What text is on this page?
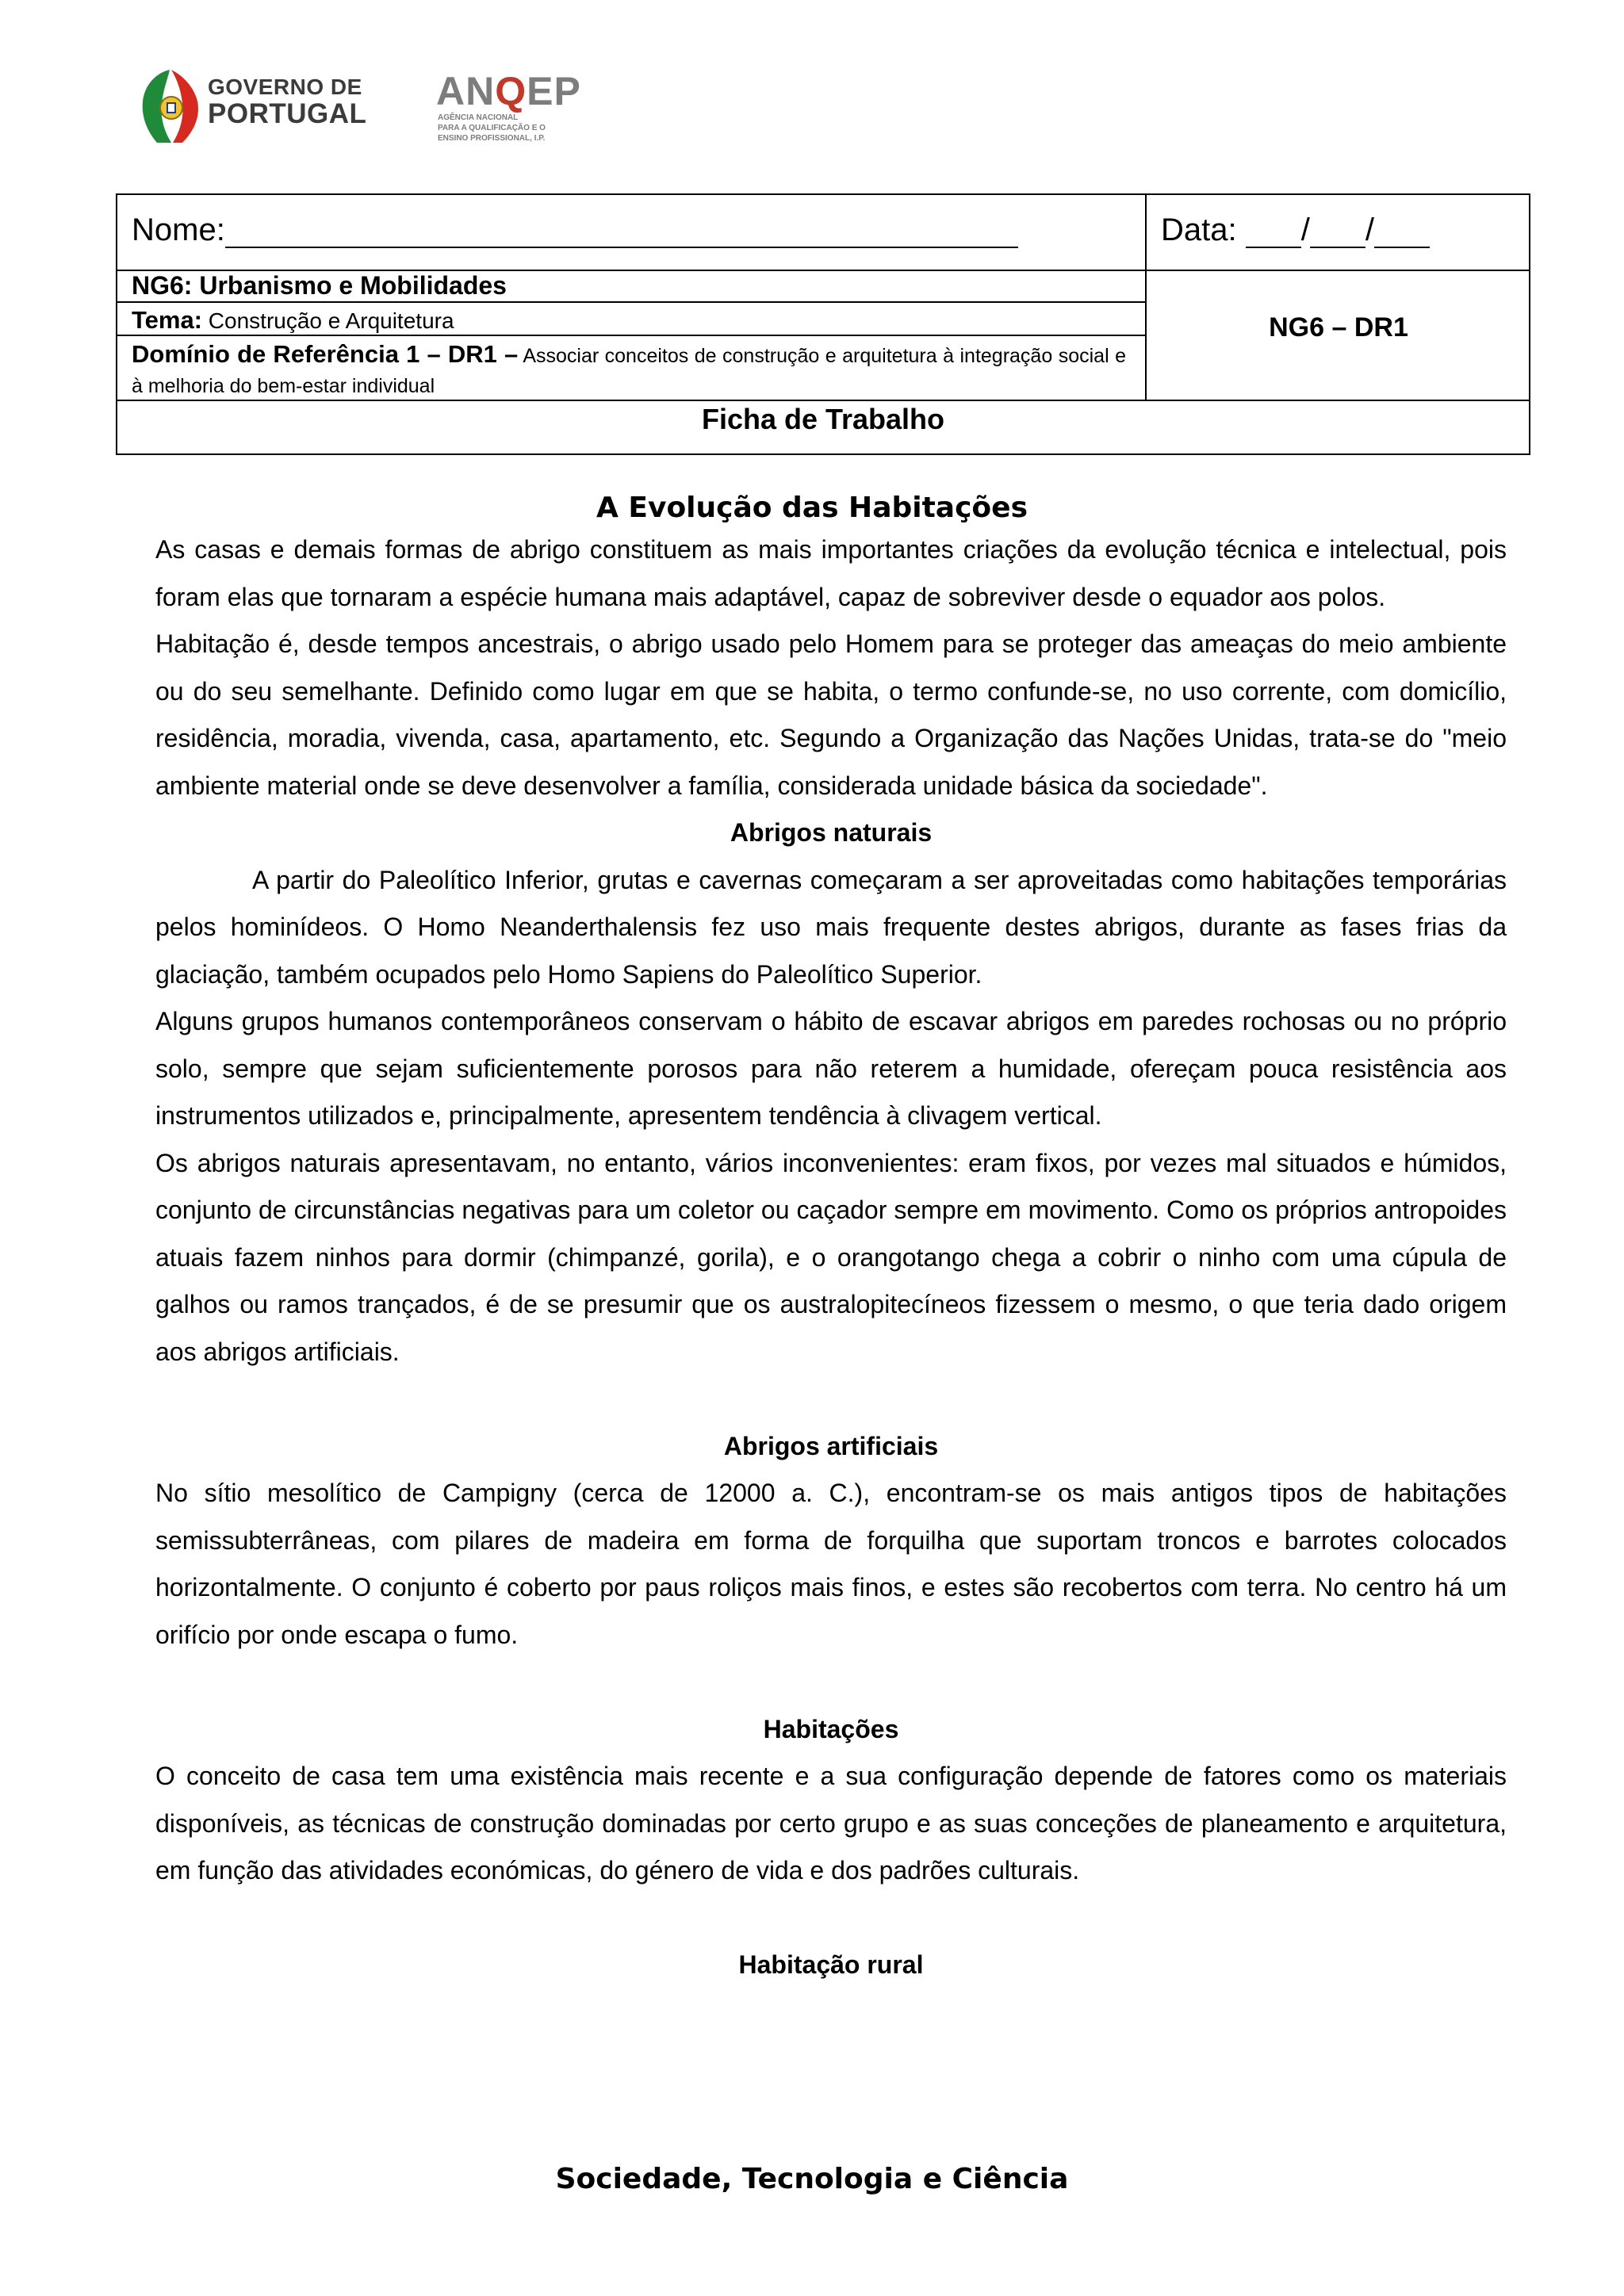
GOVERNO DE
PORTUGAL
ANQEP
AGÊNCIA NACIONAL
PARA A QUALIFICAÇÃO E O
ENSINO PROFISSIONAL, I.P.
Nome:	Data: / /
NG6: Urbanismo e Mobilidades
Tema: Construção e Arquitetura
Domínio de Referência 1 – DR1 – Associar conceitos de construção e arquitetura à integração social e à melhoria do bem-estar individual
NG6 – DR1
Ficha de Trabalho
A Evolução das Habitações

As casas e demais formas de abrigo constituem as mais importantes criações da evolução técnica e intelectual, pois foram elas que tornaram a espécie humana mais adaptável, capaz de sobreviver desde o equador aos polos.

Habitação é, desde tempos ancestrais, o abrigo usado pelo Homem para se proteger das ameaças do meio ambiente ou do seu semelhante. Definido como lugar em que se habita, o termo confunde-se, no uso corrente, com domicílio, residência, moradia, vivenda, casa, apartamento, etc. Segundo a Organização das Nações Unidas, trata-se do "meio ambiente material onde se deve desenvolver a família, considerada unidade básica da sociedade".

Abrigos naturais

A partir do Paleolítico Inferior, grutas e cavernas começaram a ser aproveitadas como habitações temporárias pelos hominídeos. O Homo Neanderthalensis fez uso mais frequente destes abrigos, durante as fases frias da glaciação, também ocupados pelo Homo Sapiens do Paleolítico Superior.

Alguns grupos humanos contemporâneos conservam o hábito de escavar abrigos em paredes rochosas ou no próprio solo, sempre que sejam suficientemente porosos para não reterem a humidade, ofereçam pouca resistência aos instrumentos utilizados e, principalmente, apresentem tendência à clivagem vertical.

Os abrigos naturais apresentavam, no entanto, vários inconvenientes: eram fixos, por vezes mal situados e húmidos, conjunto de circunstâncias negativas para um coletor ou caçador sempre em movimento. Como os próprios antropoides atuais fazem ninhos para dormir (chimpanzé, gorila), e o orangotango chega a cobrir o ninho com uma cúpula de galhos ou ramos trançados, é de se presumir que os australopitecíneos fizessem o mesmo, o que teria dado origem aos abrigos artificiais.

Abrigos artificiais

No sítio mesolítico de Campigny (cerca de 12000 a. C.), encontram-se os mais antigos tipos de habitações semissubterrâneas, com pilares de madeira em forma de forquilha que suportam troncos e barrotes colocados horizontalmente. O conjunto é coberto por paus roliços mais finos, e estes são recobertos com terra. No centro há um orifício por onde escapa o fumo.

Habitações

O conceito de casa tem uma existência mais recente e a sua configuração depende de fatores como os materiais disponíveis, as técnicas de construção dominadas por certo grupo e as suas conceções de planeamento e arquitetura, em função das atividades económicas, do género de vida e dos padrões culturais.

Habitação rural
Sociedade, Tecnologia e Ciência
